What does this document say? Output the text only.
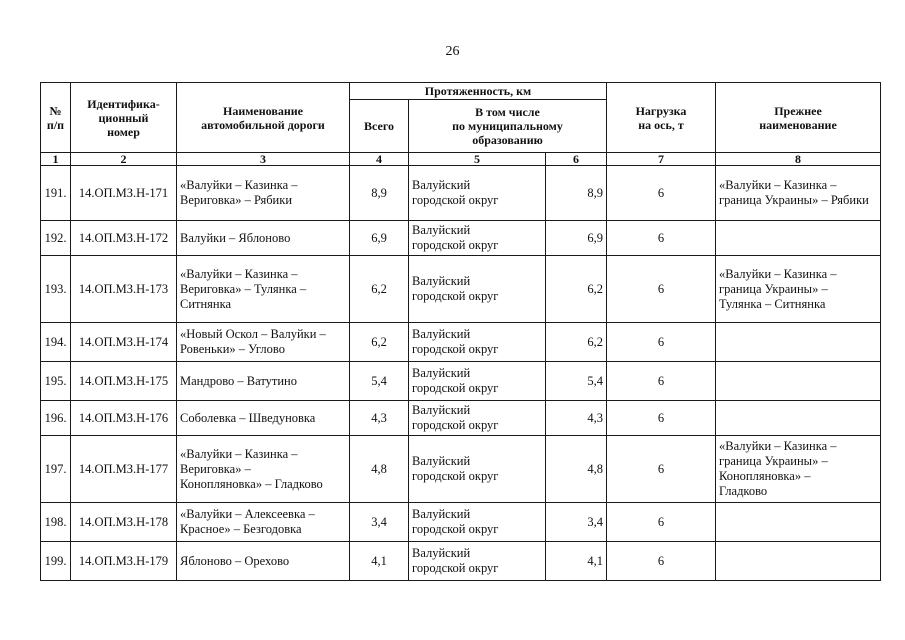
26
№
п/п	Идентифика-
ционный
номер	Наименование
автомобильной дороги	Протяженность, км			Нагрузка
на ось, т	Прежнее
наименование
			Всего	В том числе
по муниципальному
образованию			
1	2	3	4	5	6	7	8
191.	14.ОП.МЗ.Н-171	«Валуйки – Казинка –
Вериговка» – Рябики	8,9	Валуйский
городской округ	8,9	6	«Валуйки – Казинка –
граница Украины» – Рябики
192.	14.ОП.МЗ.Н-172	Валуйки – Яблоново	6,9	Валуйский
городской округ	6,9	6	
193.	14.ОП.МЗ.Н-173	«Валуйки – Казинка –
Вериговка» – Тулянка –
Ситнянка	6,2	Валуйский
городской округ	6,2	6	«Валуйки – Казинка –
граница Украины» –
Тулянка – Ситнянка
194.	14.ОП.МЗ.Н-174	«Новый Оскол – Валуйки –
Ровеньки» – Углово	6,2	Валуйский
городской округ	6,2	6	
195.	14.ОП.МЗ.Н-175	Мандрово – Ватутино	5,4	Валуйский
городской округ	5,4	6	
196.	14.ОП.МЗ.Н-176	Соболевка – Шведуновка	4,3	Валуйский
городской округ	4,3	6	
197.	14.ОП.МЗ.Н-177	«Валуйки – Казинка –
Вериговка» –
Конопляновка» – Гладково	4,8	Валуйский
городской округ	4,8	6	«Валуйки – Казинка –
граница Украины» –
Конопляновка» –
Гладково
198.	14.ОП.МЗ.Н-178	«Валуйки – Алексеевка –
Красное» – Безгодовка	3,4	Валуйский
городской округ	3,4	6	
199.	14.ОП.МЗ.Н-179	Яблоново – Орехово	4,1	Валуйский
городской округ	4,1	6	
